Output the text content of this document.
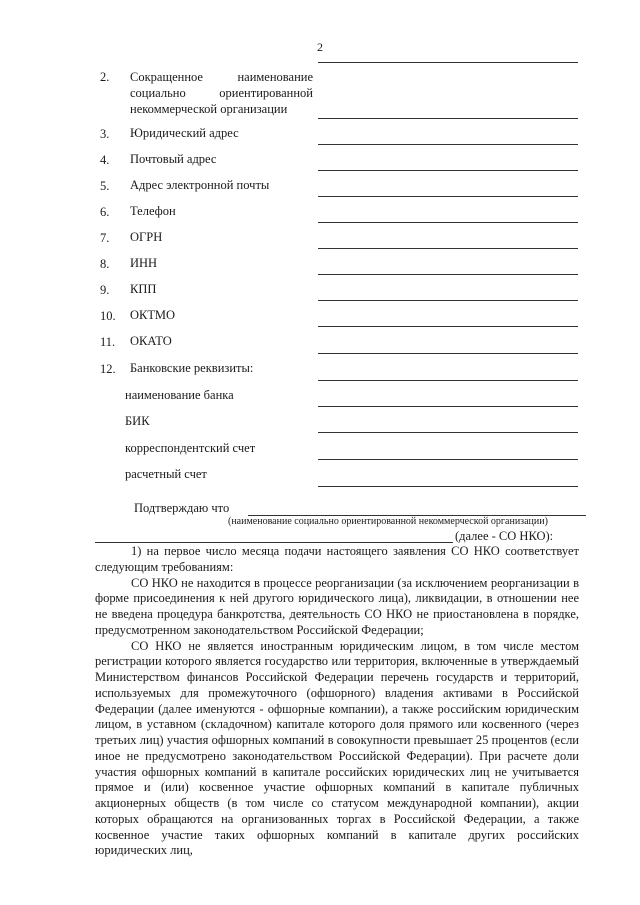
2
2. Сокращенное наименование
социально ориентированной
некоммерческой организации
3. Юридический адрес
4. Почтовый адрес
5. Адрес электронной почты
6. Телефон
7. ОГРН
8. ИНН
9. КПП
10. ОКТМО
11. ОКАТО
12. Банковские реквизиты:
наименование банка
БИК
корреспондентский счет
расчетный счет
Подтверждаю что
(наименование социально ориентированной некоммерческой организации)
(далее - СО НКО):

1) на первое число месяца подачи настоящего заявления СО НКО соответствует следующим требованиям:

СО НКО не находится в процессе реорганизации (за исключением реорганизации в форме присоединения к ней другого юридического лица), ликвидации, в отношении нее не введена процедура банкротства, деятельность СО НКО не приостановлена в порядке, предусмотренном законодательством Российской Федерации;

СО НКО не является иностранным юридическим лицом, в том числе местом регистрации которого является государство или территория, включенные в утверждаемый Министерством финансов Российской Федерации перечень государств и территорий, используемых для промежуточного (офшорного) владения активами в Российской Федерации (далее именуются - офшорные компании), а также российским юридическим лицом, в уставном (складочном) капитале которого доля прямого или косвенного (через третьих лиц) участия офшорных компаний в совокупности превышает 25 процентов (если иное не предусмотрено законодательством Российской Федерации). При расчете доли участия офшорных компаний в капитале российских юридических лиц не учитывается прямое и (или) косвенное участие офшорных компаний в капитале публичных акционерных обществ (в том числе со статусом международной компании), акции которых обращаются на организованных торгах в Российской Федерации, а также косвенное участие таких офшорных компаний в капитале других российских юридических лиц,
